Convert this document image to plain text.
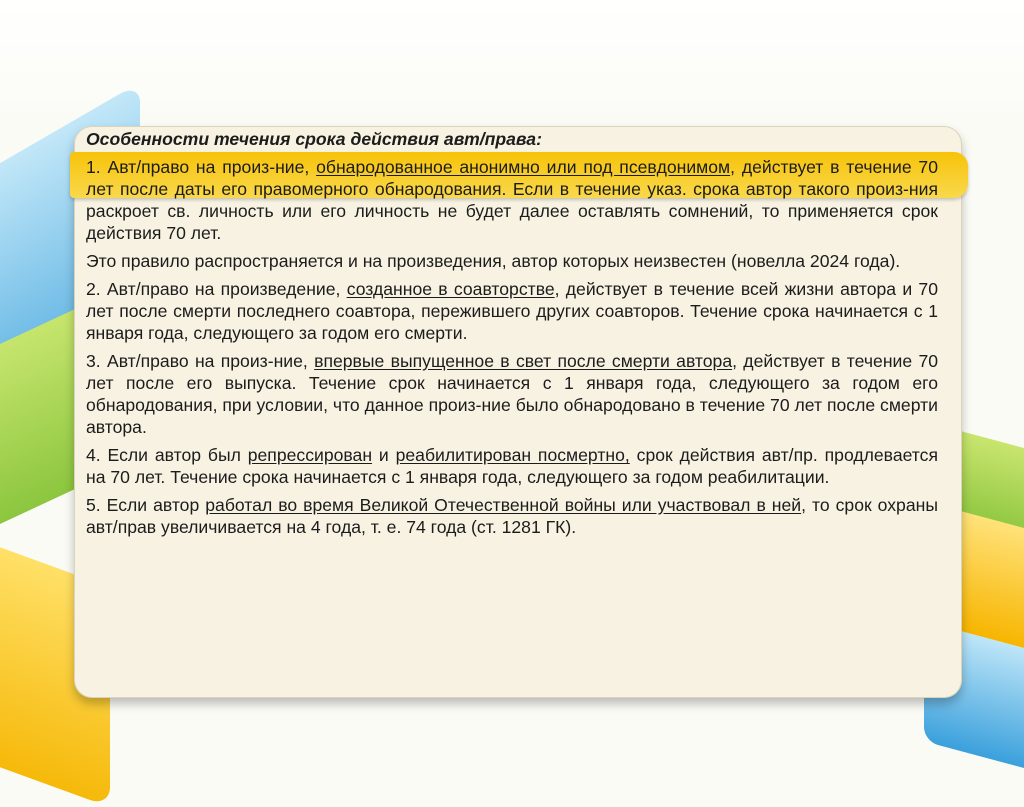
Особенности течения срока действия авт/права:

1. Авт/право на произ-ние, обнародованное анонимно или под псевдонимом, действует в течение 70 лет после даты его правомерного обнародования. Если в течение указ. срока автор такого произ-ния раскроет св. личность или его личность не будет далее оставлять сомнений, то применяется срок действия 70 лет.

Это правило распространяется и на произведения, автор которых неизвестен (новелла 2024 года).

2. Авт/право на произведение, созданное в соавторстве, действует в течение всей жизни автора и 70 лет после смерти последнего соавтора, пережившего других соавторов. Течение срока начинается с 1 января года, следующего за годом его смерти.

3. Авт/право на произ-ние, впервые выпущенное в свет после смерти автора, действует в течение 70 лет после его выпуска. Течение срок начинается с 1 января года, следующего за годом его обнародования, при условии, что данное произ-ние было обнародовано в течение 70 лет после смерти автора.

4. Если автор был репрессирован и реабилитирован посмертно, срок действия авт/пр. продлевается на 70 лет. Течение срока начинается с 1 января года, следующего за годом реабилитации.

5. Если автор работал во время Великой Отечественной войны или участвовал в ней, то срок охраны авт/прав увеличивается на 4 года, т. е. 74 года (ст. 1281 ГК).
